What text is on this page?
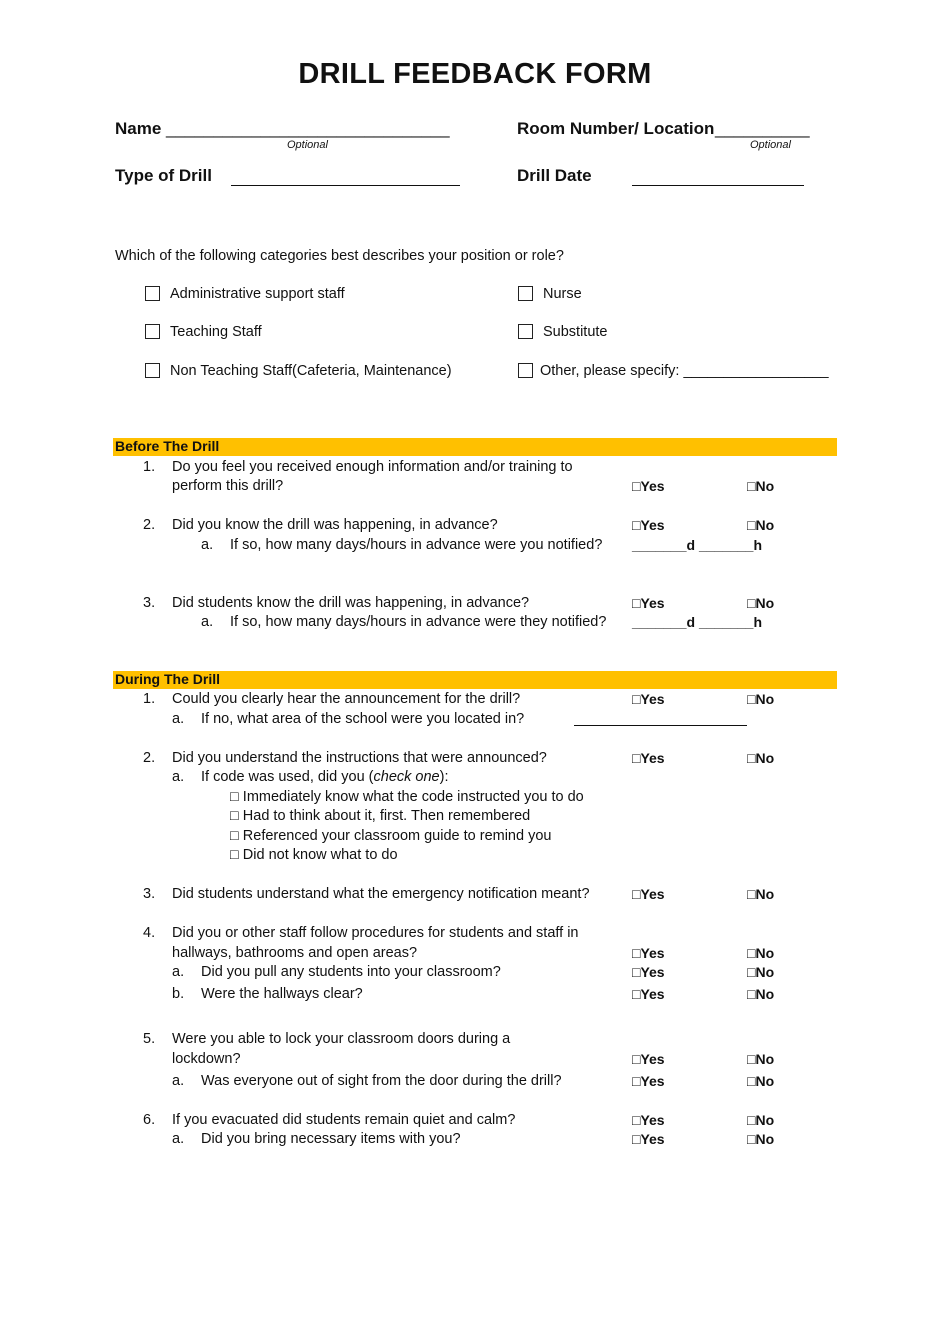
DRILL FEEDBACK FORM
Name ______________________________
Optional
Room Number/ Location __________
Optional
Type of Drill	Drill Date
Which of the following categories best describes your position or role?
Administrative support staff
Teaching Staff
Non Teaching Staff(Cafeteria, Maintenance)
Nurse
Substitute
Other, please specify: __________________
Before The Drill
1. Do you feel you received enough information and/or training to
perform this drill?	□Yes	□No
2. Did you know the drill was happening, in advance?	□Yes	□No
a. If so, how many days/hours in advance were you notified? _______d _______h
3. Did students know the drill was happening, in advance?	□Yes	□No
a. If so, how many days/hours in advance were they notified? _______d _______h
During The Drill
1. Could you clearly hear the announcement for the drill?	□Yes	□No
a. If no, what area of the school were you located in?
2. Did you understand the instructions that were announced?	□Yes	□No
a. If code was used, did you (check one):
□ Immediately know what the code instructed you to do
□ Had to think about it, first. Then remembered
□ Referenced your classroom guide to remind you
□ Did not know what to do
3. Did students understand what the emergency notification meant?	□Yes	□No
4. Did you or other staff follow procedures for students and staff in
hallways, bathrooms and open areas?	□Yes	□No
a. Did you pull any students into your classroom?	□Yes	□No
b. Were the hallways clear?	□Yes	□No
5. Were you able to lock your classroom doors during a
lockdown?	□Yes	□No
a. Was everyone out of sight from the door during the drill?	□Yes	□No
6. If you evacuated did students remain quiet and calm?	□Yes	□No
a. Did you bring necessary items with you?	□Yes	□No
